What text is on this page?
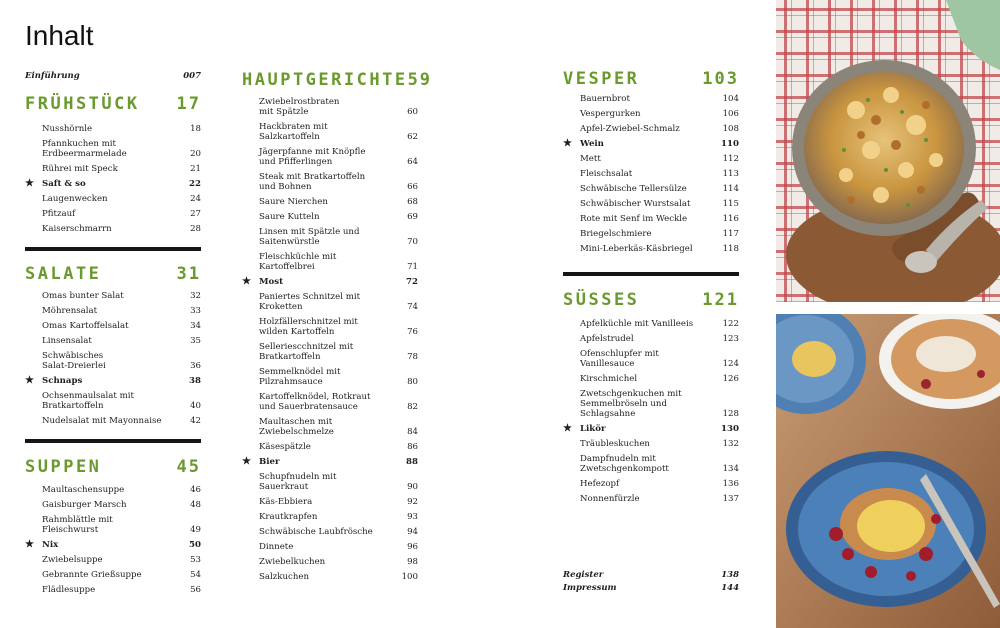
Inhalt
Einführung	007
FRÜHSTÜCK 17
Nusshörnle	18
Pfannkuchen mit
Erdbeermarmelade	20
Rührei mit Speck	21
★ Saft & so	22
Laugenwecken	24
Pfitzauf	27
Kaiserschmarrn	28
SALATE	31
Omas bunter Salat	32
Möhrensalat	33
Omas Kartoffelsalat	34
Linsensalat	35
Schwäbisches
Salat-Dreierlei	36
★ Schnaps	38
Ochsenmaulsalat mit
Bratkartoffeln	40
Nudelsalat mit Mayonnaise	42
SUPPEN	45
Maultaschensuppe	46
Gaisburger Marsch	48
Rahmblättle mit
Fleischwurst	49
★ Nix	50
Zwiebelsuppe	53
Gebrannte Grießsuppe	54
Flädlesuppe	56
HAUPTGERICHTE 59
Zwiebelrostbraten
mit Spätzle	60
Hackbraten mit
Salzkartoffeln	62
Jägerpfanne mit Knöpfle
und Pfifferlingen	64
Steak mit Bratkartoffeln
und Bohnen	66
Saure Nierchen	68
Saure Kutteln	69
Linsen mit Spätzle und
Saitenwürstle	70
Fleischküchle mit
Kartoffelbrei	71
★ Most	72
Paniertes Schnitzel mit
Kroketten	74
Holzfällerschnitzel mit
wilden Kartoffeln	76
Selleriescchnitzel mit
Bratkartoffeln	78
Semmelknödel mit
Pilzrahmsauce	80
Kartoffelknödel, Rotkraut
und Sauerbratensauce	82
Maultaschen mit
Zwiebelschmelze	84
Käsespätzle	86
★ Bier	88
Schupfnudeln mit
Sauerkraut	90
Käs-Ebbiera	92
Krautkrapfen	93
Schwäbische Laubfrösche	94
Dinnete	96
Zwiebelkuchen	98
Salzkuchen	100
VESPER	103
Bauernbrot	104
Vespergurken	106
Apfel-Zwiebel-Schmalz	108
★ Wein	110
Mett	112
Fleischsalat	113
Schwäbische Tellersülze	114
Schwäbischer Wurstsalat	115
Rote mit Senf im Weckle	116
Briegelschmiere	117
Mini-Leberkäs-Käsbriegel	118
SÜSSES	121
Apfelküchle mit Vanilleeis	122
Apfelstrudel	123
Ofenschlupfer mit
Vanillesauce	124
Kirschmichel	126
Zwetschgenkuchen mit
Semmelbröseln und Schlagsahne	128
★ Likör	130
Träubleskuchen	132
Dampfnudeln mit
Zwetschgenkompott	134
Hefezopf	136
Nonnenfürzle	137
Register	138
Impressum	144
